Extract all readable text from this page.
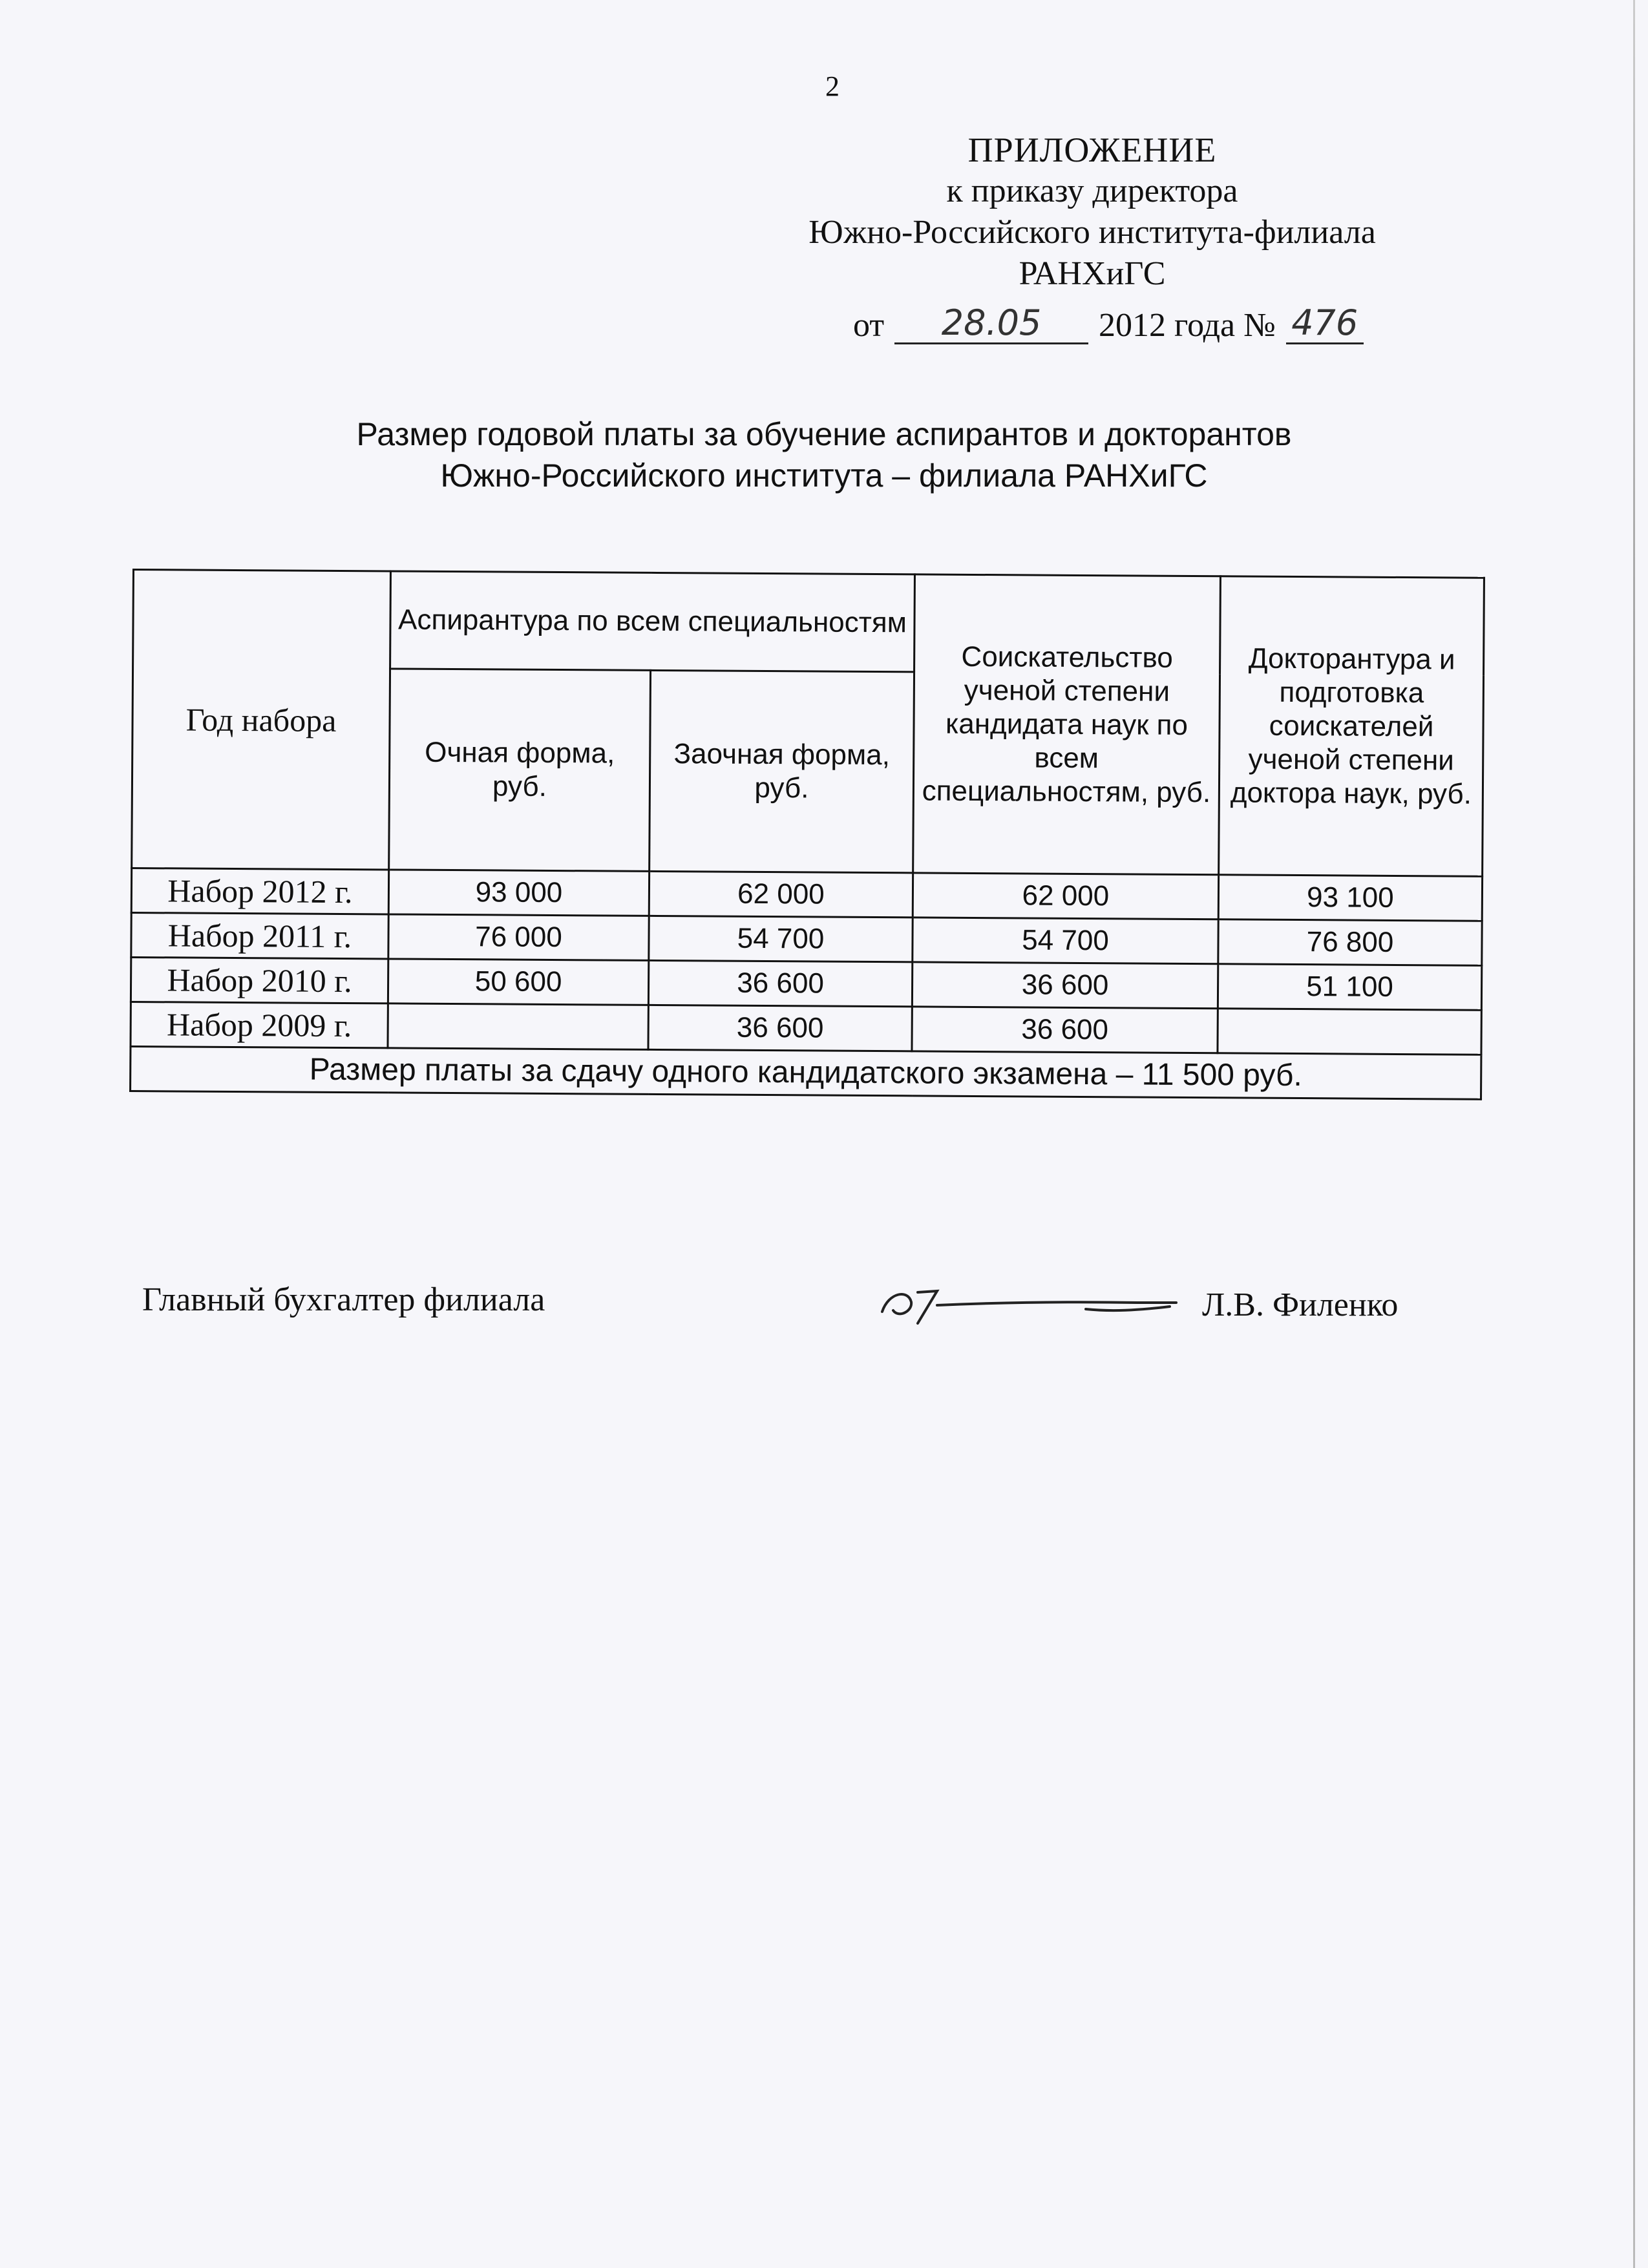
2
ПРИЛОЖЕНИЕ
к приказу директора
Южно-Российского института-филиала
РАНХиГС
от	28.05	2012 года № 476
Размер годовой платы за обучение аспирантов и докторантов
Южно-Российского института – филиала РАНХиГС
Год набора	Аспирантура по всем специальностям		Соискательство ученой степени кандидата наук по всем специальностям, руб.	Докторантура и подготовка соискателей ученой степени доктора наук, руб.
	Очная форма, руб.	Заочная форма, руб.		
Набор 2012 г.	93 000	62 000	62 000	93 100
Набор 2011 г.	76 000	54 700	54 700	76 800
Набор 2010 г.	50 600	36 600	36 600	51 100
Набор 2009 г.		36 600	36 600	
Размер платы за сдачу одного кандидатского экзамена – 11 500 руб.				
Главный бухгалтер филиала	Л.В. Филенко
